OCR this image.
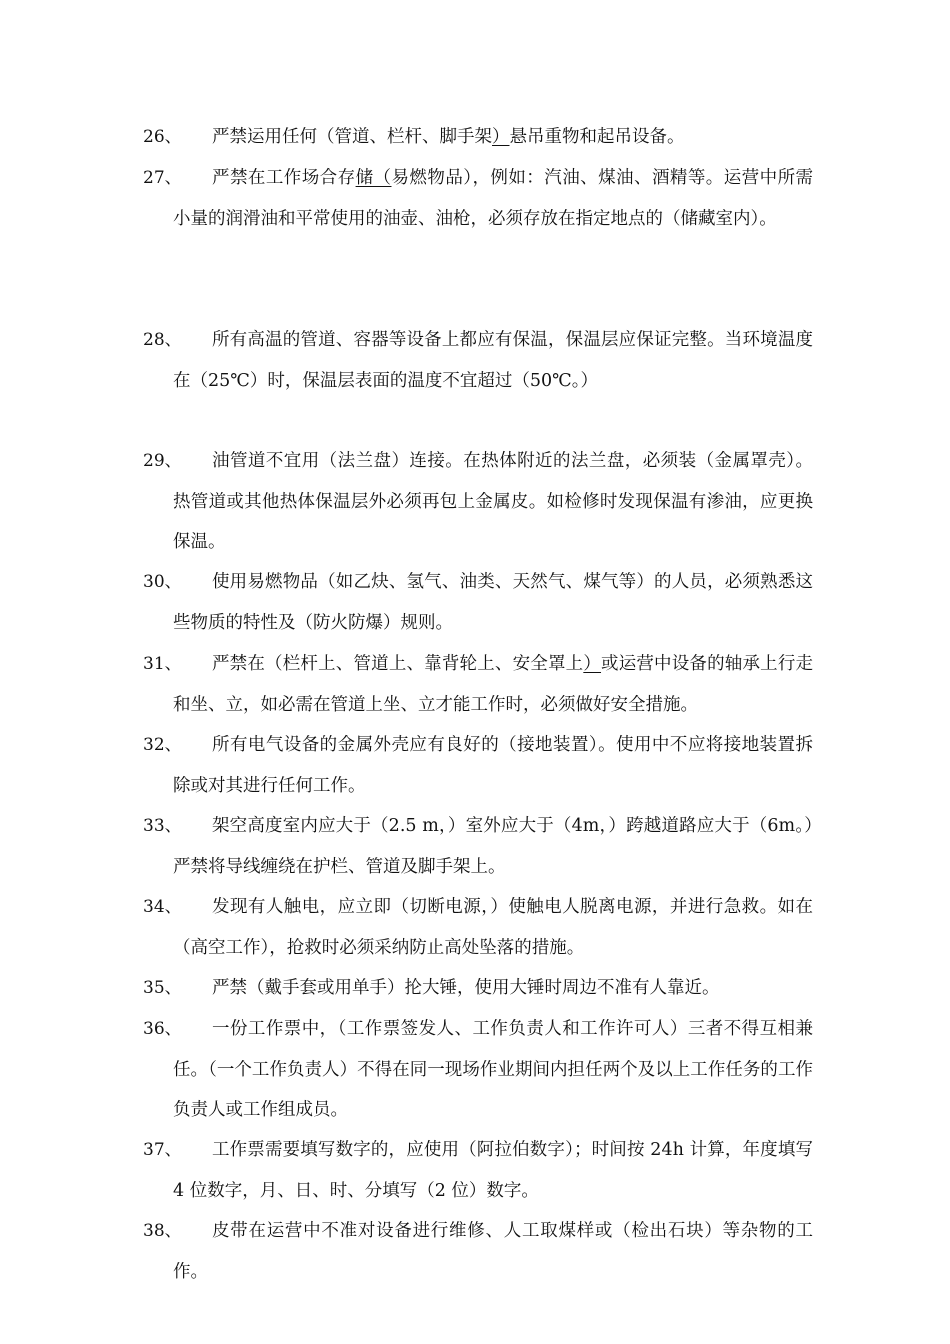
26、	严禁运用任何（管道、栏杆、脚手架）悬吊重物和起吊设备。
27、	严禁在工作场合存储（易燃物品），例如：汽油、煤油、酒精等。运营中所需小量的润滑油和平常使用的油壶、油枪，必须存放在指定地点的（储藏室内）。
28、	所有高温的管道、容器等设备上都应有保温，保温层应保证完整。当环境温度在（25℃）时，保温层表面的温度不宜超过（50℃。）
29、	油管道不宜用（法兰盘）连接。在热体附近的法兰盘，必须装（金属罩壳）。热管道或其他热体保温层外必须再包上金属皮。如检修时发现保温有渗油，应更换保温。
30、	使用易燃物品（如乙炔、氢气、油类、天然气、煤气等）的人员，必须熟悉这些物质的特性及（防火防爆）规则。
31、	严禁在（栏杆上、管道上、靠背轮上、安全罩上）或运营中设备的轴承上行走和坐、立，如必需在管道上坐、立才能工作时，必须做好安全措施。
32、	所有电气设备的金属外壳应有良好的（接地装置）。使用中不应将接地装置拆除或对其进行任何工作。
33、	架空高度室内应大于（2.5 m，）室外应大于（4m，）跨越道路应大于（6m。）严禁将导线缠绕在护栏、管道及脚手架上。
34、	发现有人触电，应立即（切断电源，）使触电人脱离电源，并进行急救。如在（高空工作），抢救时必须采纳防止高处坠落的措施。
35、	严禁（戴手套或用单手）抡大锤，使用大锤时周边不准有人靠近。
36、	一份工作票中，（工作票签发人、工作负责人和工作许可人）三者不得互相兼任。（一个工作负责人）不得在同一现场作业期间内担任两个及以上工作任务的工作负责人或工作组成员。
37、	工作票需要填写数字的，应使用（阿拉伯数字）；时间按 24h 计算，年度填写 4 位数字，月、日、时、分填写（2 位）数字。
38、	皮带在运营中不准对设备进行维修、人工取煤样或（检出石块）等杂物的工作。
